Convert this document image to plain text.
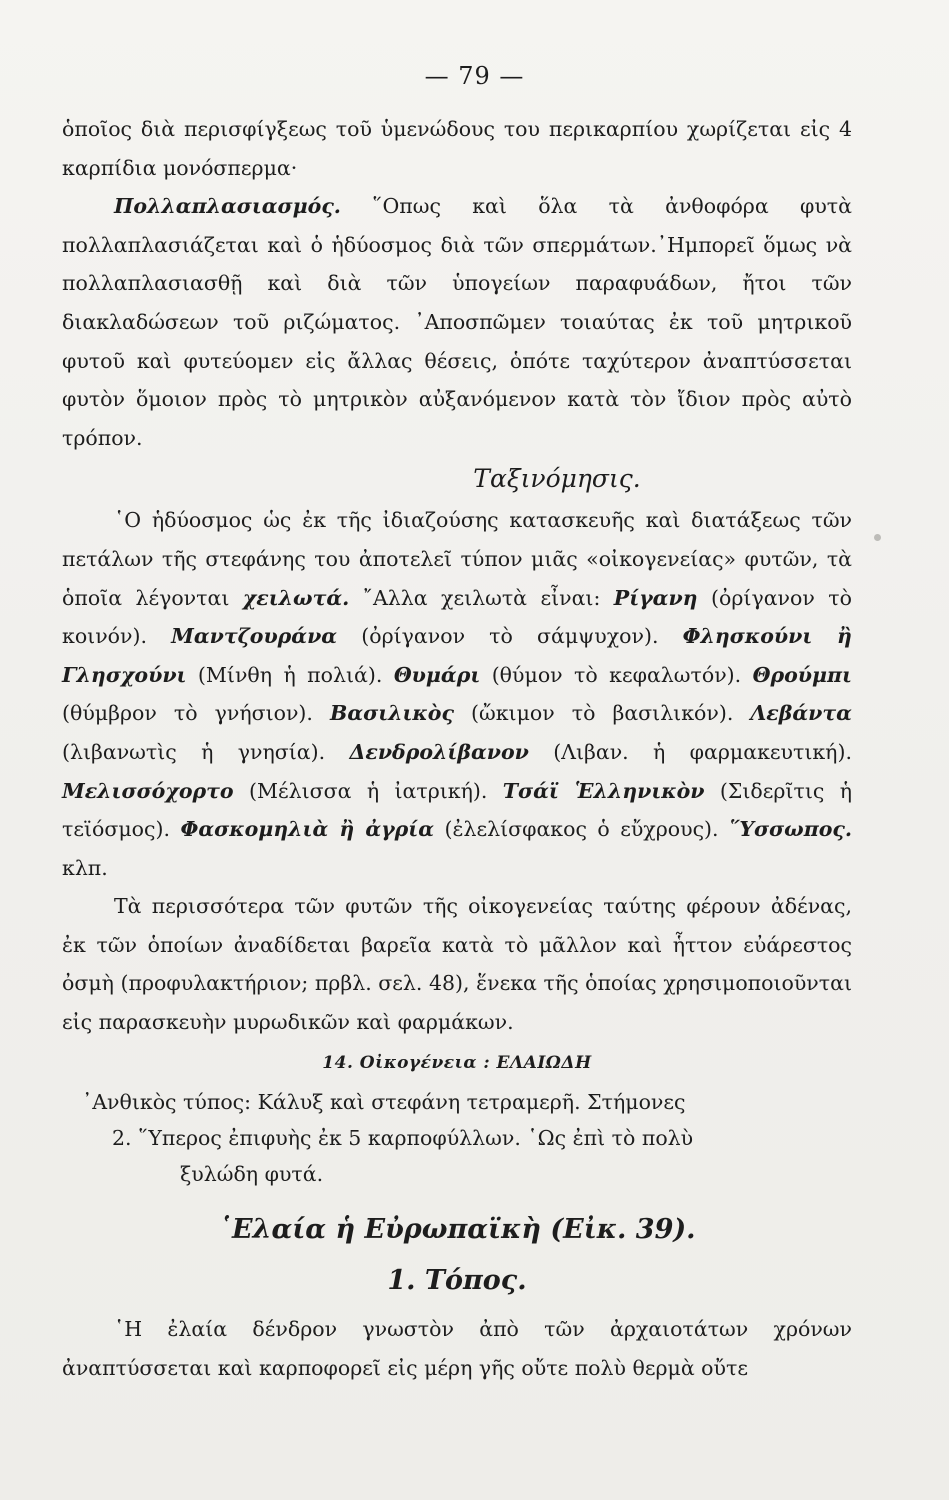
— 79 —

ὁποῖος διὰ περισφίγξεως τοῦ ὑμενώδους του περικαρπίου χωρίζεται εἰς 4 καρπίδια μονόσπερμα·

Πολλαπλασιασμός. ῞Οπως καὶ ὅλα τὰ ἀνθοφόρα φυτὰ πολλαπλασιάζεται καὶ ὁ ἡδύοσμος διὰ τῶν σπερμάτων.᾿Ημπορεῖ ὅμως νὰ πολλαπλασιασθῇ καὶ διὰ τῶν ὑπογείων παραφυάδων, ἤτοι τῶν διακλαδώσεων τοῦ ριζώματος. ᾿Αποσπῶμεν τοιαύτας ἐκ τοῦ μητρικοῦ φυτοῦ καὶ φυτεύομεν εἰς ἄλλας θέσεις, ὁπότε ταχύτερον ἀναπτύσσεται φυτὸν ὅμοιον πρὸς τὸ μητρικὸν αὐξανόμενον κατὰ τὸν ἴδιον πρὸς αὐτὸ τρόπον.

Ταξινόμησις.

῾Ο ἡδύοσμος ὡς ἐκ τῆς ἰδιαζούσης κατασκευῆς καὶ διατάξεως τῶν πετάλων τῆς στεφάνης του ἀποτελεῖ τύπον μιᾶς «οἰκογενείας» φυτῶν, τὰ ὁποῖα λέγονται χειλωτά. ῎Αλλα χειλωτὰ εἶναι: Ρίγανη (ὀρίγανον τὸ κοινόν). Μαντζουράνα (ὀρίγανον τὸ σάμψυχον). Φλησκούνι ἢ Γλησχούνι (Μίνθη ἡ πολιά). Θυμάρι (θύμον τὸ κεφαλωτόν). Θρούμπι (θύμβρον τὸ γνήσιον). Βασιλικὸς (ὤκιμον τὸ βασιλικόν). Λεβάντα (λιβανωτὶς ἡ γνησία). Δενδρολίβανον (Λιβαν. ἡ φαρμακευτική). Μελισσόχορτο (Μέλισσα ἡ ἰατρική). Τσάϊ Ἑλληνικὸν (Σιδερῖτις ἡ τεϊόσμος). Φασκομηλιὰ ἢ ἀγρία (ἐλελίσφακος ὁ εὔχρους). ῞Υσσωπος. κλπ.

Τὰ περισσότερα τῶν φυτῶν τῆς οἰκογενείας ταύτης φέρουν ἀδένας, ἐκ τῶν ὁποίων ἀναδίδεται βαρεῖα κατὰ τὸ μᾶλλον καὶ ἧττον εὐάρεστος ὀσμὴ (προφυλακτήριον; πρβλ. σελ. 48), ἕνεκα τῆς ὁποίας χρησιμοποιοῦνται εἰς παρασκευὴν μυρωδικῶν καὶ φαρμάκων.

14. Οἰκογένεια : ΕΛΑΙΩΔΗ

᾿Ανθικὸς τύπος: Κάλυξ καὶ στεφάνη τετραμερῆ. Στήμονες

2. ῞Υπερος ἐπιφυὴς ἐκ 5 καρποφύλλων. ῾Ως ἐπὶ τὸ πολὺ

ξυλώδη φυτά.

῾Ελαία ἡ Εὐρωπαϊκὴ (Εἰκ. 39).

1. Τόπος.

῾Η ἐλαία δένδρον γνωστὸν ἀπὸ τῶν ἀρχαιοτάτων χρόνων ἀναπτύσσεται καὶ καρποφορεῖ εἰς μέρη γῆς οὔτε πολὺ θερμὰ οὔτε
